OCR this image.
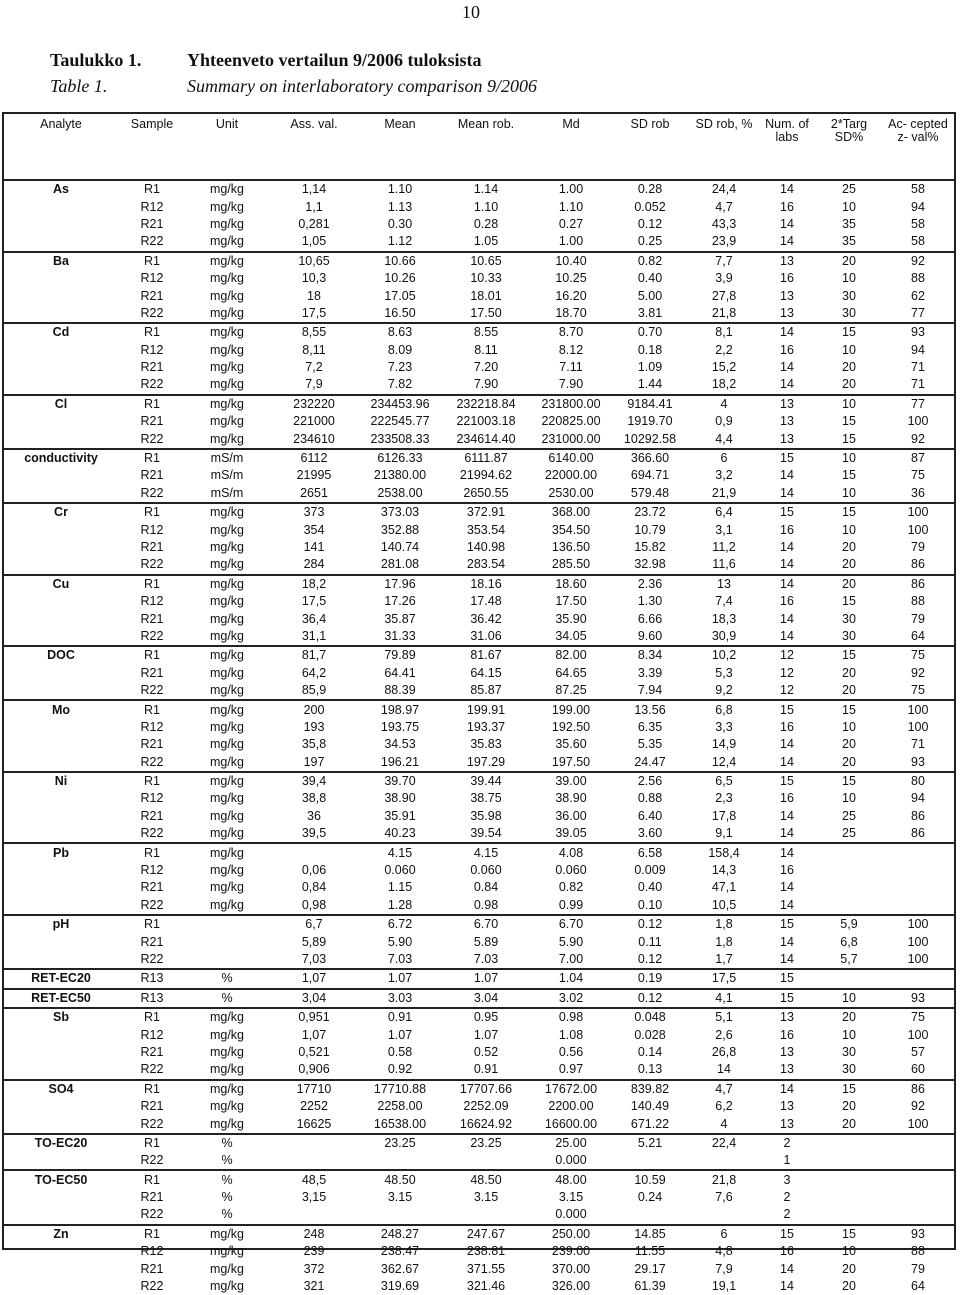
10
Taulukko 1.	Yhteenveto vertailun 9/2006 tuloksista
Table 1.	Summary on interlaboratory comparison 9/2006
Analyte	Sample	Unit	Ass. val.	Mean	Mean rob.	Md	SD rob	SD rob, %	Num. of labs	2*Targ SD%	Ac- cepted z- val%

As	R1	mg/kg	1,14	1.10	1.14	1.00	0.28	24,4	14	25	58
	R12	mg/kg	1,1	1.13	1.10	1.10	0.052	4,7	16	10	94
	R21	mg/kg	0,281	0.30	0.28	0.27	0.12	43,3	14	35	58
	R22	mg/kg	1,05	1.12	1.05	1.00	0.25	23,9	14	35	58
Ba	R1	mg/kg	10,65	10.66	10.65	10.40	0.82	7,7	13	20	92
	R12	mg/kg	10,3	10.26	10.33	10.25	0.40	3,9	16	10	88
	R21	mg/kg	18	17.05	18.01	16.20	5.00	27,8	13	30	62
	R22	mg/kg	17,5	16.50	17.50	18.70	3.81	21,8	13	30	77
Cd	R1	mg/kg	8,55	8.63	8.55	8.70	0.70	8,1	14	15	93
	R12	mg/kg	8,11	8.09	8.11	8.12	0.18	2,2	16	10	94
	R21	mg/kg	7,2	7.23	7.20	7.11	1.09	15,2	14	20	71
	R22	mg/kg	7,9	7.82	7.90	7.90	1.44	18,2	14	20	71
Cl	R1	mg/kg	232220	234453.96	232218.84	231800.00	9184.41	4	13	10	77
	R21	mg/kg	221000	222545.77	221003.18	220825.00	1919.70	0,9	13	15	100
	R22	mg/kg	234610	233508.33	234614.40	231000.00	10292.58	4,4	13	15	92
conductivity	R1	mS/m	6112	6126.33	6111.87	6140.00	366.60	6	15	10	87
	R21	mS/m	21995	21380.00	21994.62	22000.00	694.71	3,2	14	15	75
	R22	mS/m	2651	2538.00	2650.55	2530.00	579.48	21,9	14	10	36
Cr	R1	mg/kg	373	373.03	372.91	368.00	23.72	6,4	15	15	100
	R12	mg/kg	354	352.88	353.54	354.50	10.79	3,1	16	10	100
	R21	mg/kg	141	140.74	140.98	136.50	15.82	11,2	14	20	79
	R22	mg/kg	284	281.08	283.54	285.50	32.98	11,6	14	20	86
Cu	R1	mg/kg	18,2	17.96	18.16	18.60	2.36	13	14	20	86
	R12	mg/kg	17,5	17.26	17.48	17.50	1.30	7,4	16	15	88
	R21	mg/kg	36,4	35.87	36.42	35.90	6.66	18,3	14	30	79
	R22	mg/kg	31,1	31.33	31.06	34.05	9.60	30,9	14	30	64
DOC	R1	mg/kg	81,7	79.89	81.67	82.00	8.34	10,2	12	15	75
	R21	mg/kg	64,2	64.41	64.15	64.65	3.39	5,3	12	20	92
	R22	mg/kg	85,9	88.39	85.87	87.25	7.94	9,2	12	20	75
Mo	R1	mg/kg	200	198.97	199.91	199.00	13.56	6,8	15	15	100
	R12	mg/kg	193	193.75	193.37	192.50	6.35	3,3	16	10	100
	R21	mg/kg	35,8	34.53	35.83	35.60	5.35	14,9	14	20	71
	R22	mg/kg	197	196.21	197.29	197.50	24.47	12,4	14	20	93
Ni	R1	mg/kg	39,4	39.70	39.44	39.00	2.56	6,5	15	15	80
	R12	mg/kg	38,8	38.90	38.75	38.90	0.88	2,3	16	10	94
	R21	mg/kg	36	35.91	35.98	36.00	6.40	17,8	14	25	86
	R22	mg/kg	39,5	40.23	39.54	39.05	3.60	9,1	14	25	86
Pb	R1	mg/kg		4.15	4.15	4.08	6.58	158,4	14		
	R12	mg/kg	0,06	0.060	0.060	0.060	0.009	14,3	16		
	R21	mg/kg	0,84	1.15	0.84	0.82	0.40	47,1	14		
	R22	mg/kg	0,98	1.28	0.98	0.99	0.10	10,5	14		
pH	R1		6,7	6.72	6.70	6.70	0.12	1,8	15	5,9	100
	R21		5,89	5.90	5.89	5.90	0.11	1,8	14	6,8	100
	R22		7,03	7.03	7.03	7.00	0.12	1,7	14	5,7	100
RET-EC20	R13	%	1,07	1.07	1.07	1.04	0.19	17,5	15		
RET-EC50	R13	%	3,04	3.03	3.04	3.02	0.12	4,1	15	10	93
Sb	R1	mg/kg	0,951	0.91	0.95	0.98	0.048	5,1	13	20	75
	R12	mg/kg	1,07	1.07	1.07	1.08	0.028	2,6	16	10	100
	R21	mg/kg	0,521	0.58	0.52	0.56	0.14	26,8	13	30	57
	R22	mg/kg	0,906	0.92	0.91	0.97	0.13	14	13	30	60
SO4	R1	mg/kg	17710	17710.88	17707.66	17672.00	839.82	4,7	14	15	86
	R21	mg/kg	2252	2258.00	2252.09	2200.00	140.49	6,2	13	20	92
	R22	mg/kg	16625	16538.00	16624.92	16600.00	671.22	4	13	20	100
TO-EC20	R1	%		23.25	23.25	25.00	5.21	22,4	2		
	R22	%				0.000			1		
TO-EC50	R1	%	48,5	48.50	48.50	48.00	10.59	21,8	3		
	R21	%	3,15	3.15	3.15	3.15	0.24	7,6	2		
	R22	%				0.000			2		
Zn	R1	mg/kg	248	248.27	247.67	250.00	14.85	6	15	15	93
	R12	mg/kg	239	238.47	238.81	239.00	11.55	4,8	16	10	88
	R21	mg/kg	372	362.67	371.55	370.00	29.17	7,9	14	20	79
	R22	mg/kg	321	319.69	321.46	326.00	61.39	19,1	14	20	64
